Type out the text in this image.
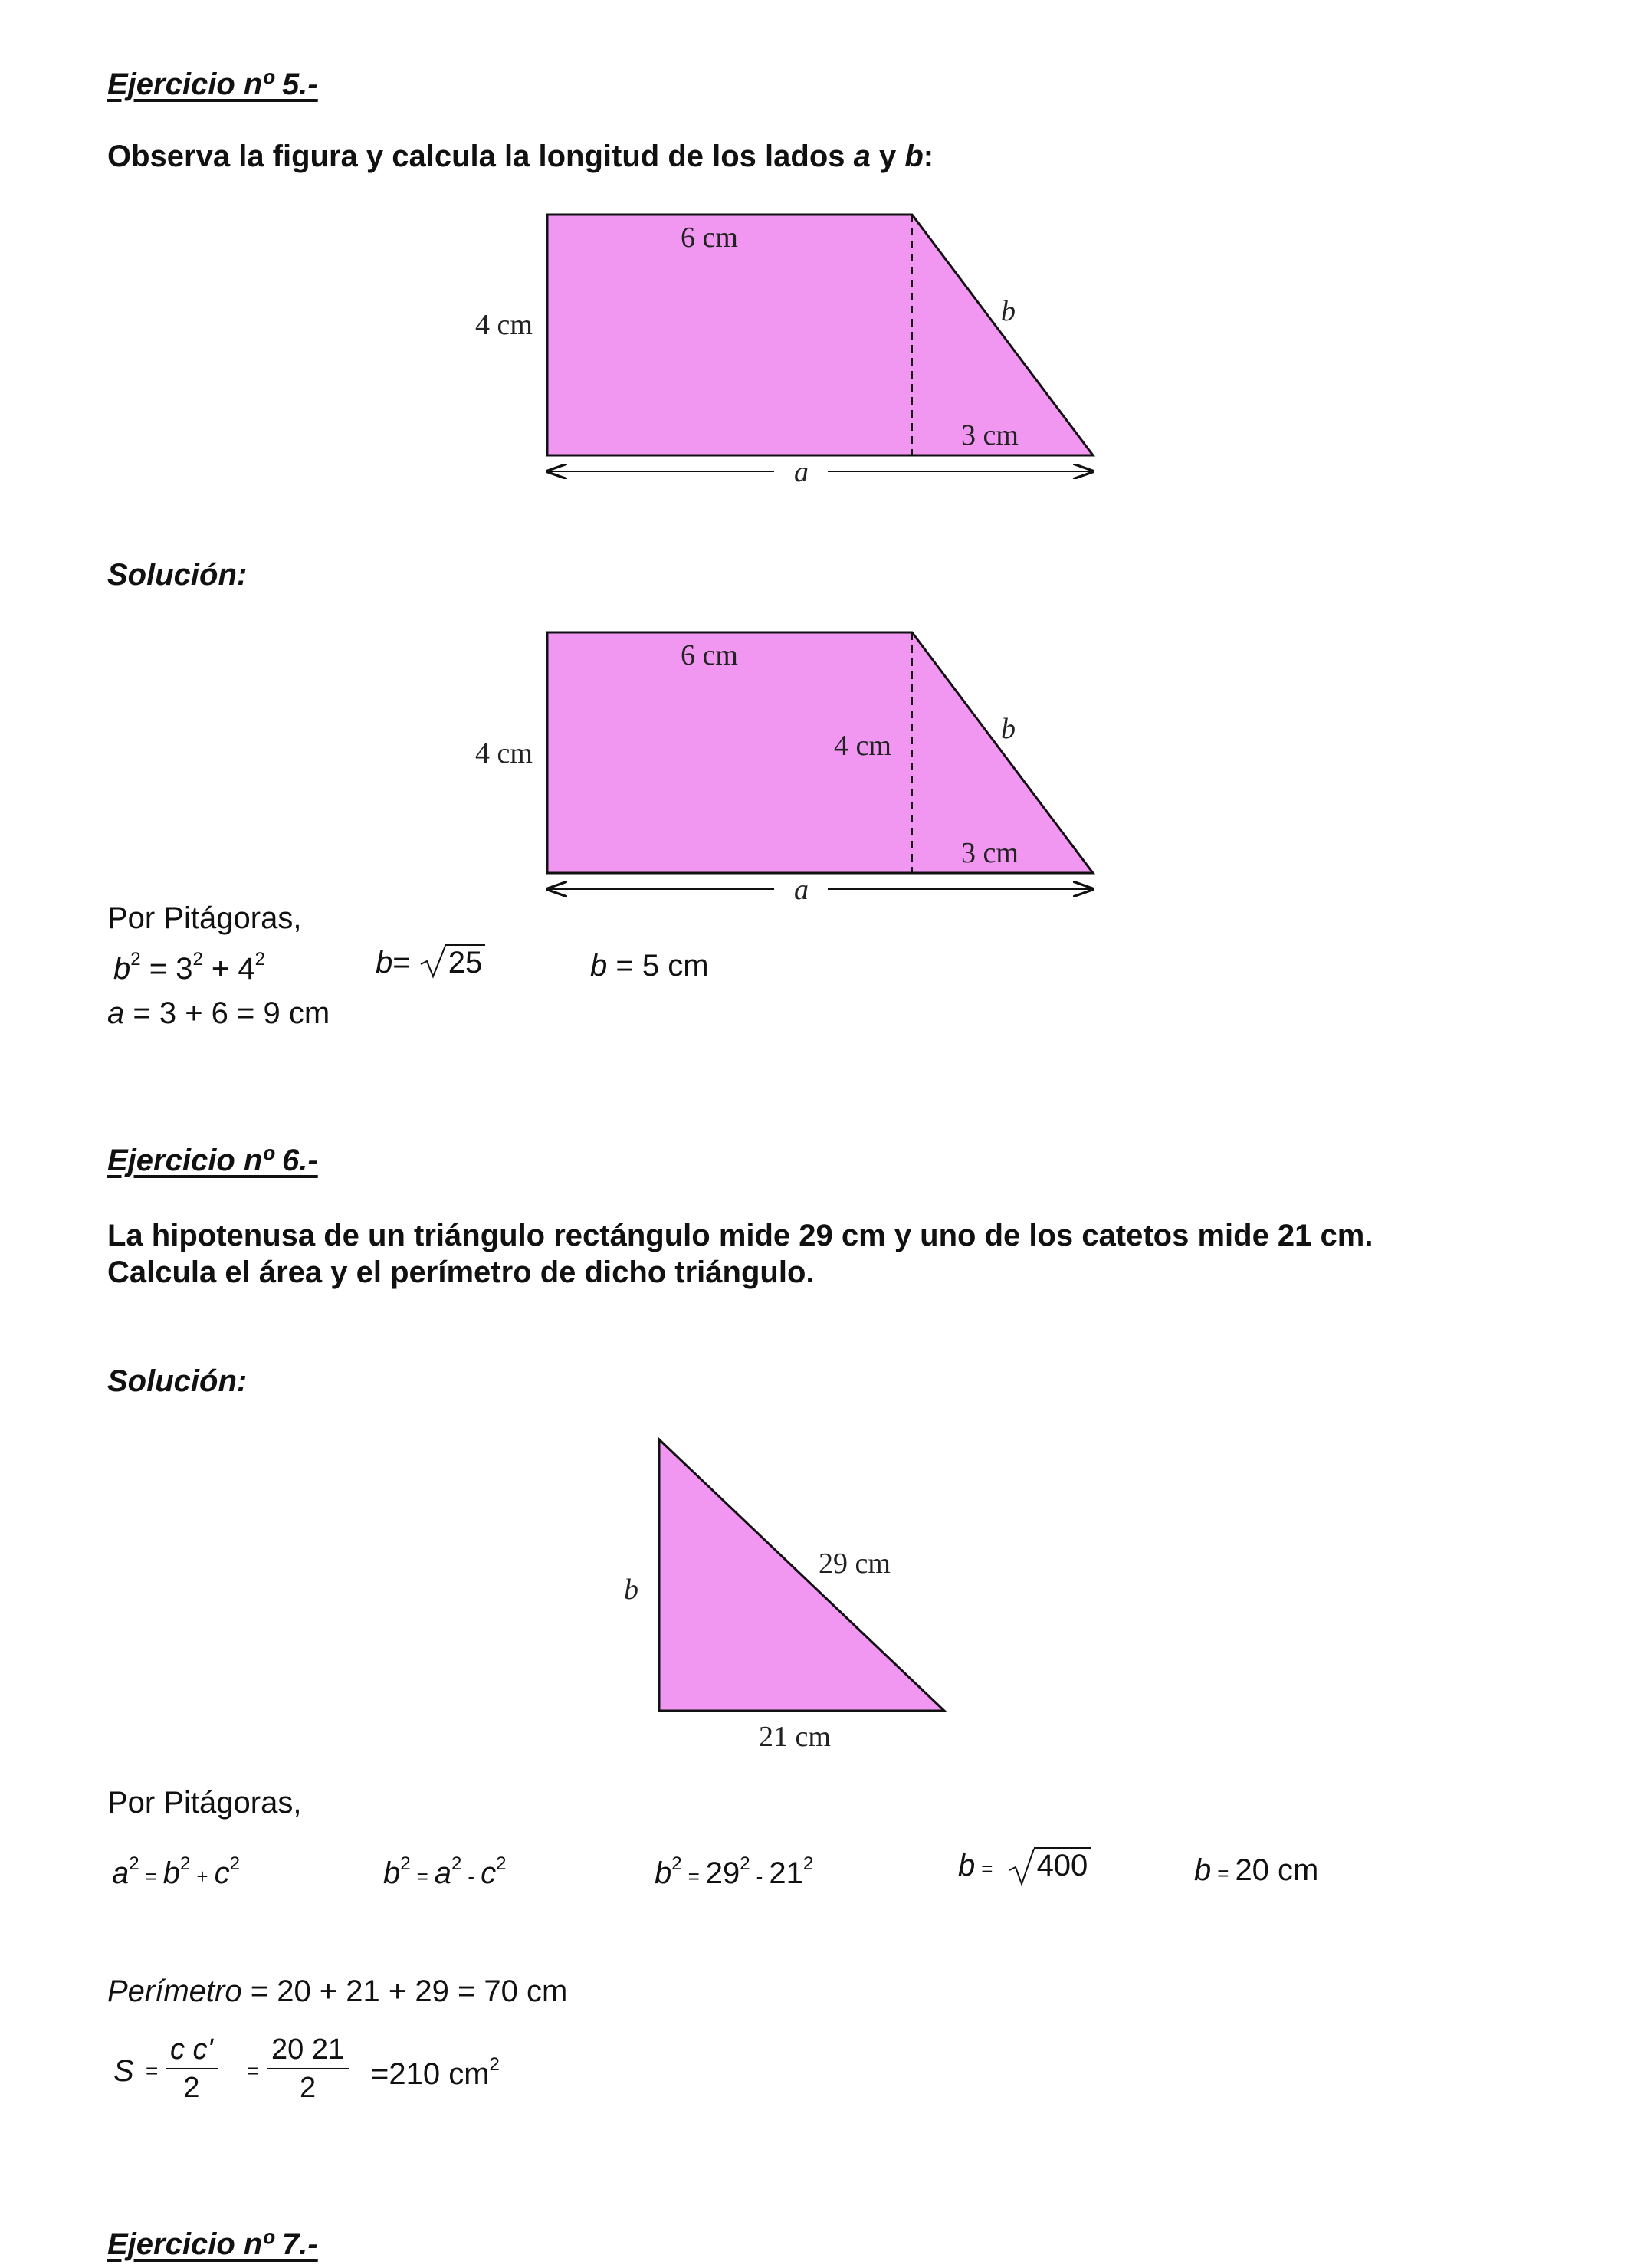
Ejercicio nº 5.-
Observa la figura y calcula la longitud de los lados a y b:
6 cm
4 cm	b
3 cm
a
Solución:
6 cm
4 cm	4 cm
b
3 cm
a
Por Pitágoras,
$b^2 = 3^2 + 4^2$	b= 25	b = 5 cm
a = 3 + 6 = 9 cm
Ejercicio nº 6.-
La hipotenusa de un triángulo rectángulo mide 29 cm y uno de los catetos mide 21 cm.
Calcula el área y el perímetro de dicho triángulo.
Solución:
29 cm
b
21 cm
Por Pitágoras,
$a^2= b^2+ c^2$	$b^2= a^2-$ $c^2$	$b^2= 29^2-$ $21^2$	b = 400	b = 20 cm
Perímetro = 20 + 21 + 29 = 70 cm
$S = \frac{\text{c c'}}{2} = \frac{20 21}{2} =210$ $cm^2$
Ejercicio nº 7.-
